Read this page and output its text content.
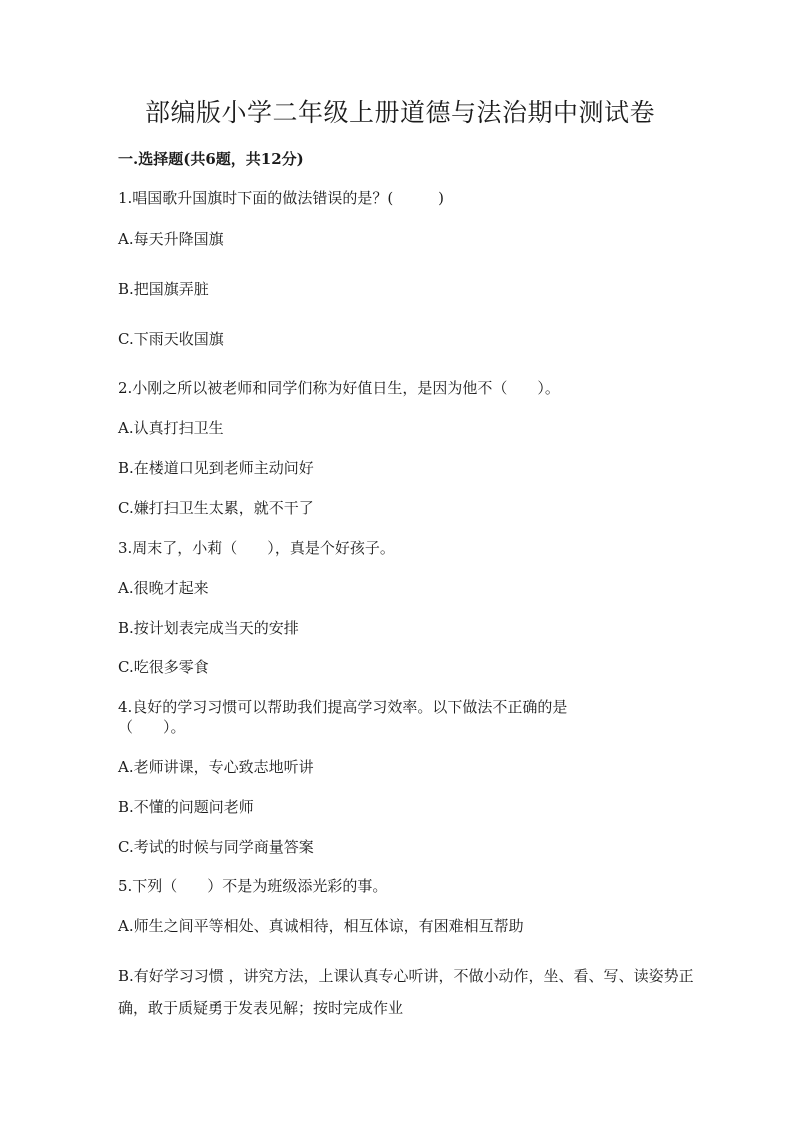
部编版小学二年级上册道德与法治期中测试卷
一.选择题(共6题，共12分)
1.唱国歌升国旗时下面的做法错误的是？(　　　)
A.每天升降国旗
B.把国旗弄脏
C.下雨天收国旗
2.小刚之所以被老师和同学们称为好值日生，是因为他不（　　）。
A.认真打扫卫生
B.在楼道口见到老师主动问好
C.嫌打扫卫生太累，就不干了
3.周末了，小莉（　　），真是个好孩子。
A.很晚才起来
B.按计划表完成当天的安排
C.吃很多零食
4.良好的学习习惯可以帮助我们提高学习效率。以下做法不正确的是
（　　）。
A.老师讲课，专心致志地听讲
B.不懂的问题问老师
C.考试的时候与同学商量答案
5.下列（　　）不是为班级添光彩的事。
A.师生之间平等相处、真诚相待，相互体谅，有困难相互帮助
B.有好学习习惯 ，讲究方法，上课认真专心听讲，不做小动作，坐、看、写、读姿势正确，敢于质疑勇于发表见解；按时完成作业
